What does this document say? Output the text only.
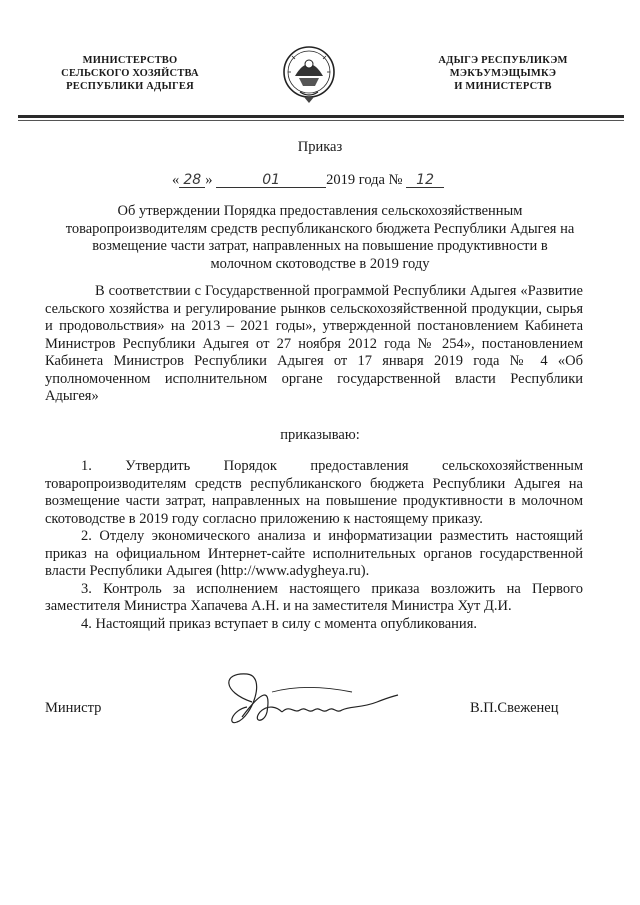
МИНИСТЕРСТВО
СЕЛЬСКОГО ХОЗЯЙСТВА
РЕСПУБЛИКИ АДЫГЕЯ
АДЫГЭ РЕСПУБЛИКЭМ
МЭКЪУМЭЩЫМКЭ
И МИНИСТЕРСТВ
Приказ
« 28 »	01	2019 года № 12
Об утверждении Порядка предоставления сельскохозяйственным товаропроизводителям средств республиканского бюджета Республики Адыгея на возмещение части затрат, направленных на повышение продуктивности в молочном скотоводстве в 2019 году
В соответствии с Государственной программой Республики Адыгея «Развитие сельского хозяйства и регулирование рынков сельскохозяйственной продукции, сырья и продовольствия» на 2013 – 2021 годы», утвержденной постановлением Кабинета Министров Республики Адыгея от 27 ноября 2012 года № 254», постановлением Кабинета Министров Республики Адыгея от 17 января 2019 года № 4 «Об уполномоченном исполнительном органе государственной власти Республики Адыгея»
приказываю:

1. Утвердить Порядок предоставления сельскохозяйственным товаропроизводителям средств республиканского бюджета Республики Адыгея на возмещение части затрат, направленных на повышение продуктивности в молочном скотоводстве в 2019 году согласно приложению к настоящему приказу.

2. Отделу экономического анализа и информатизации разместить настоящий приказ на официальном Интернет-сайте исполнительных органов государственной власти Республики Адыгея (http://www.adygheya.ru).

3. Контроль за исполнением настоящего приказа возложить на Первого заместителя Министра Хапачева А.Н. и на заместителя Министра Хут Д.И.

4. Настоящий приказ вступает в силу с момента опубликования.

Министр	В.П.Свеженец
